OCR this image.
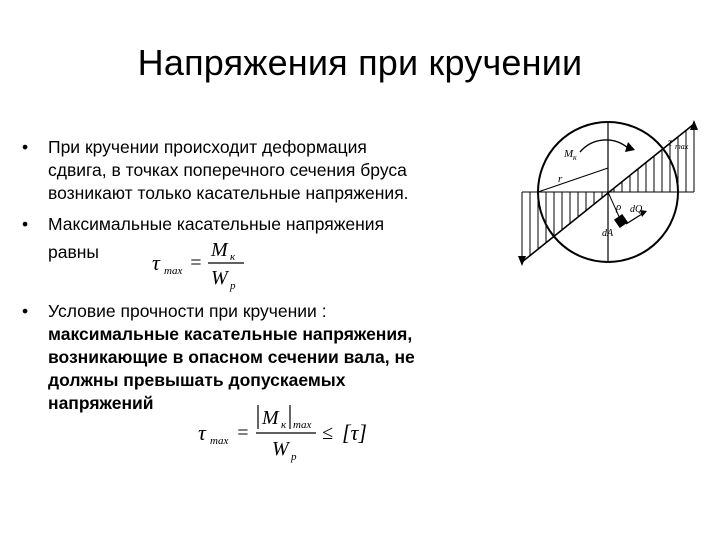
Напряжения при кручении
• При кручении происходит деформация
сдвига, в точках поперечного сечения бруса
возникают только касательные напряжения.
• Максимальные касательные напряжения
равны τ max =
M к
W p
• Условие прочности при кручении :
максимальные касательные напряжения,
возникающие в опасном сечении вала, не
должны превышать допускаемых
напряжений
τ max =
M к max
W p
≤ [τ]
M к
r
τ max
ρ dQ
dA
